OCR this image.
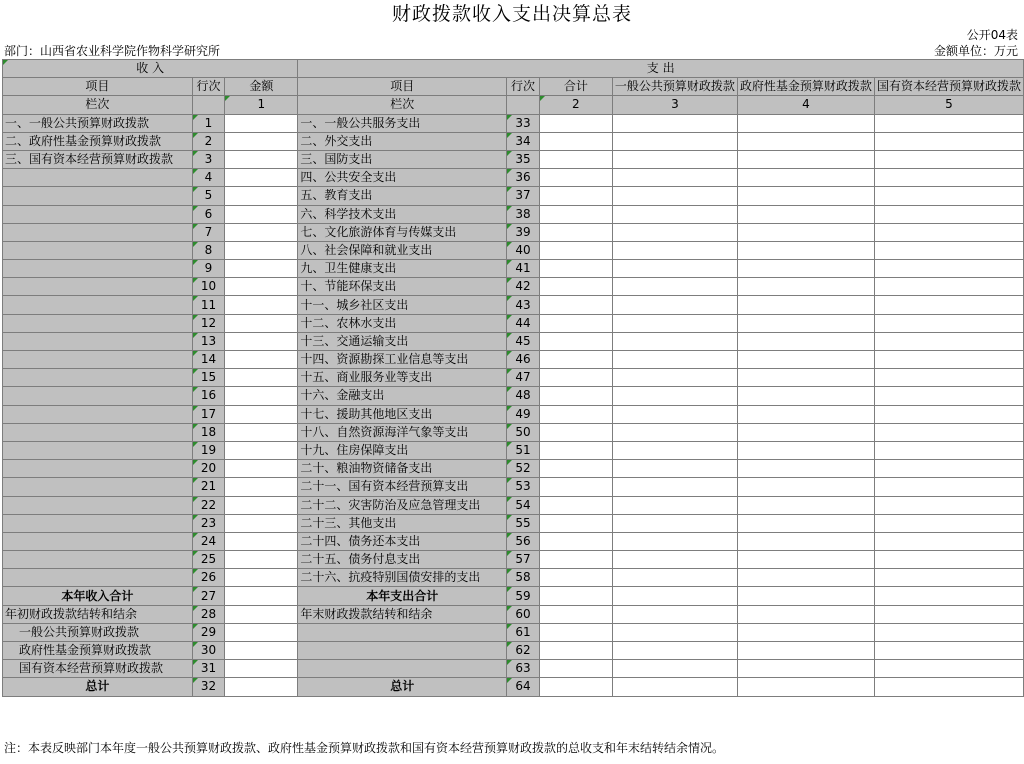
财政拨款收入支出决算总表
公开04表
部门：山西省农业科学院作物科学研究所	金额单位：万元
收 入			支 出					
项目	行次	金额	项目	行次	合计	一般公共预算财政拨款	政府性基金预算财政拨款	国有资本经营预算财政拨款
栏次		1	栏次		2	3	4	5
一、一般公共预算财政拨款	1		一、一般公共服务支出	33				
二、政府性基金预算财政拨款	2		二、外交支出	34				
三、国有资本经营预算财政拨款	3		三、国防支出	35				
	4		四、公共安全支出	36				
	5		五、教育支出	37				
	6		六、科学技术支出	38				
	7		七、文化旅游体育与传媒支出	39				
	8		八、社会保障和就业支出	40				
	9		九、卫生健康支出	41				
	10		十、节能环保支出	42				
	11		十一、城乡社区支出	43				
	12		十二、农林水支出	44				
	13		十三、交通运输支出	45				
	14		十四、资源勘探工业信息等支出	46				
	15		十五、商业服务业等支出	47				
	16		十六、金融支出	48				
	17		十七、援助其他地区支出	49				
	18		十八、自然资源海洋气象等支出	50				
	19		十九、住房保障支出	51				
	20		二十、粮油物资储备支出	52				
	21		二十一、国有资本经营预算支出	53				
	22		二十二、灾害防治及应急管理支出	54				
	23		二十三、其他支出	55				
	24		二十四、债务还本支出	56				
	25		二十五、债务付息支出	57				
	26		二十六、抗疫特别国债安排的支出	58				
本年收入合计	27		本年支出合计	59				
年初财政拨款结转和结余	28		年末财政拨款结转和结余	60				
一般公共预算财政拨款	29			61				
政府性基金预算财政拨款	30			62				
国有资本经营预算财政拨款	31			63				
总计	32		总计	64				
注：本表反映部门本年度一般公共预算财政拨款、政府性基金预算财政拨款和国有资本经营预算财政拨款的总收支和年末结转结余情况。
